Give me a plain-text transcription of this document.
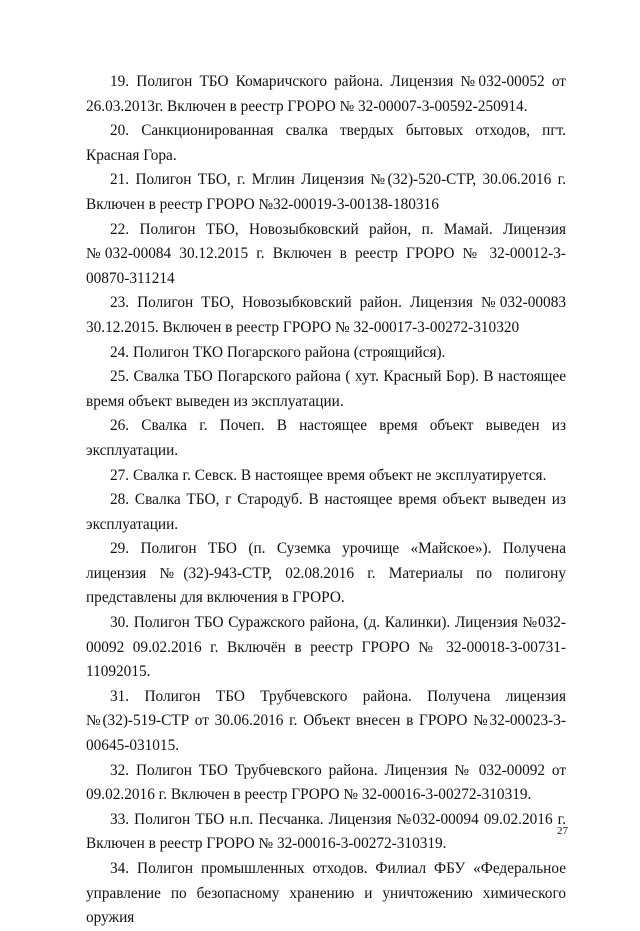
19. Полигон ТБО Комаричского района. Лицензия №032-00052 от 26.03.2013г. Включен в реестр ГРОРО № 32-00007-3-00592-250914.

20. Санкционированная свалка твердых бытовых отходов, пгт. Красная Гора.

21. Полигон ТБО, г. Мглин Лицензия №(32)-520-СТР, 30.06.2016 г. Включен в реестр ГРОРО №32-00019-3-00138-180316

22. Полигон ТБО, Новозыбковский район, п. Мамай. Лицензия №032-00084 30.12.2015 г. Включен в реестр ГРОРО № 32-00012-3-00870-311214

23. Полигон ТБО, Новозыбковский район. Лицензия №032-00083 30.12.2015. Включен в реестр ГРОРО № 32-00017-3-00272-310320

24. Полигон ТКО Погарского района (строящийся).

25. Свалка ТБО Погарского района ( хут. Красный Бор). В настоящее время объект выведен из эксплуатации.

26. Свалка г. Почеп. В настоящее время объект выведен из эксплуатации.

27. Свалка г. Севск. В настоящее время объект не эксплуатируется.

28. Свалка ТБО, г Стародуб. В настоящее время объект выведен из эксплуатации.

29. Полигон ТБО (п. Суземка урочище «Майское»). Получена лицензия №(32)-943-СТР, 02.08.2016 г. Материалы по полигону представлены для включения в ГРОРО.

30. Полигон ТБО Суражского района, (д. Калинки). Лицензия №032-00092 09.02.2016 г. Включён в реестр ГРОРО № 32-00018-3-00731-11092015.

31. Полигон ТБО Трубчевского района. Получена лицензия №(32)-519-СТР от 30.06.2016 г. Объект внесен в ГРОРО №32-00023-3-00645-031015.

32. Полигон ТБО Трубчевского района. Лицензия № 032-00092 от 09.02.2016 г. Включен в реестр ГРОРО № 32-00016-3-00272-310319.

33. Полигон ТБО н.п. Песчанка. Лицензия №032-00094 09.02.2016 г. Включен в реестр ГРОРО № 32-00016-3-00272-310319.

34. Полигон промышленных отходов. Филиал ФБУ «Федеральное управление по безопасному хранению и уничтожению химического оружия

27
